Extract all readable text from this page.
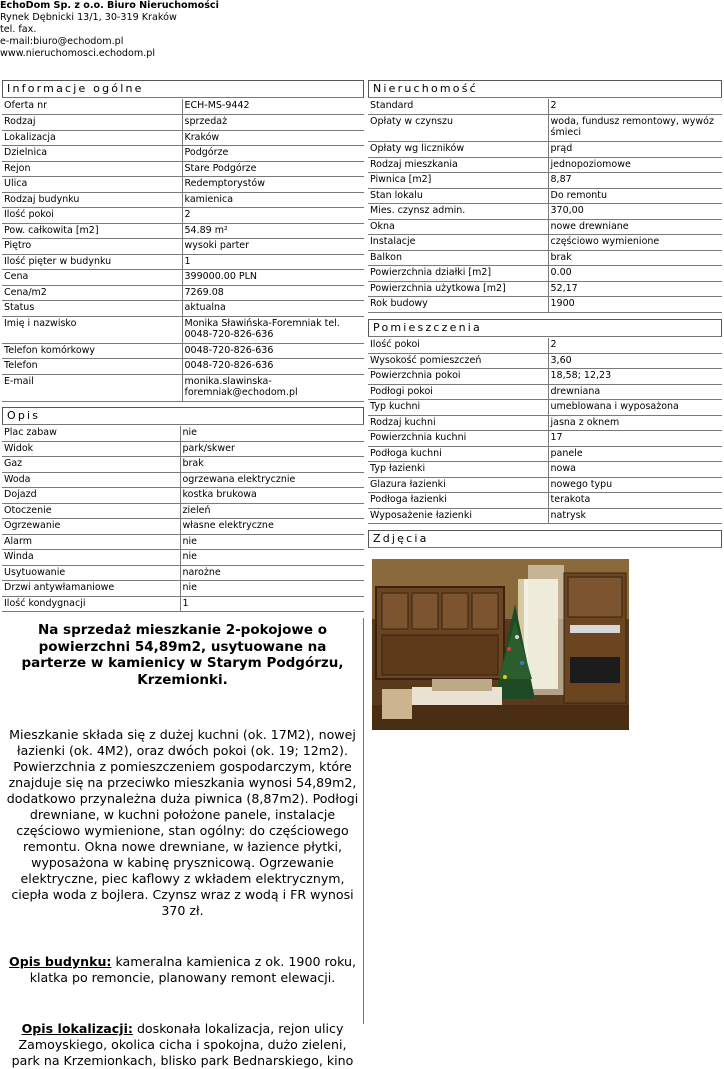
EchoDom Sp. z o.o. Biuro Nieruchomości
Rynek Dębnicki 13/1, 30-319 Kraków
tel. fax.
e-mail:biuro@echodom.pl
www.nieruchomosci.echodom.pl
Informacje ogólne
Oferta nr	ECH-MS-9442
Rodzaj	sprzedaż
Lokalizacja	Kraków
Dzielnica	Podgórze
Rejon	Stare Podgórze
Ulica	Redemptorystów
Rodzaj budynku	kamienica
Ilość pokoi	2
Pow. całkowita [m2]	54.89 m²
Piętro	wysoki parter
Ilość pięter w budynku	1
Cena	399000.00 PLN
Cena/m2	7269.08
Status	aktualna
Imię i nazwisko	Monika Sławińska-Foremniak tel. 0048-720-826-636
Telefon komórkowy	0048-720-826-636
Telefon	0048-720-826-636
E-mail	monika.slawinska-foremniak@echodom.pl
Opis
Plac zabaw	nie
Widok	park/skwer
Gaz	brak
Woda	ogrzewana elektrycznie
Dojazd	kostka brukowa
Otoczenie	zieleń
Ogrzewanie	własne elektryczne
Alarm	nie
Winda	nie
Usytuowanie	narożne
Drzwi antywłamaniowe	nie
Ilość kondygnacji	1
Nieruchomość
Standard	2
Opłaty w czynszu	woda, fundusz remontowy, wywóz śmieci
Opłaty wg liczników	prąd
Rodzaj mieszkania	jednopoziomowe
Piwnica [m2]	8,87
Stan lokalu	Do remontu
Mies. czynsz admin.	370,00
Okna	nowe drewniane
Instalacje	częściowo wymienione
Balkon	brak
Powierzchnia działki [m2]	0.00
Powierzchnia użytkowa [m2]	52,17
Rok budowy	1900
Pomieszczenia
Ilość pokoi	2
Wysokość pomieszczeń	3,60
Powierzchnia pokoi	18,58; 12,23
Podłogi pokoi	drewniana
Typ kuchni	umeblowana i wyposażona
Rodzaj kuchni	jasna z oknem
Powierzchnia kuchni	17
Podłoga kuchni	panele
Typ łazienki	nowa
Glazura łazienki	nowego typu
Podłoga łazienki	terakota
Wyposażenie łazienki	natrysk
Zdjęcia
Na sprzedaż mieszkanie 2-pokojowe o powierzchni 54,89m2, usytuowane na parterze w kamienicy w Starym Podgórzu, Krzemionki.
Mieszkanie składa się z dużej kuchni (ok. 17M2), nowej łazienki (ok. 4M2), oraz dwóch pokoi (ok. 19; 12m2). Powierzchnia z pomieszczeniem gospodarczym, które znajduje się na przeciwko mieszkania wynosi 54,89m2, dodatkowo przynależna duża piwnica (8,87m2). Podłogi drewniane, w kuchni położone panele, instalacje częściowo wymienione, stan ogólny: do częściowego remontu. Okna nowe drewniane, w łazience płytki, wyposażona w kabinę prysznicową. Ogrzewanie elektryczne, piec kaflowy z wkładem elektrycznym, ciepła woda z bojlera. Czynsz wraz z wodą i FR wynosi 370 zł.
Opis budynku: kameralna kamienica z ok. 1900 roku, klatka po remoncie, planowany remont elewacji.
Opis lokalizacji: doskonała lokalizacja, rejon ulicy Zamoyskiego, okolica cicha i spokojna, dużo zieleni, park na Krzemionkach, blisko park Bednarskiego, kino
